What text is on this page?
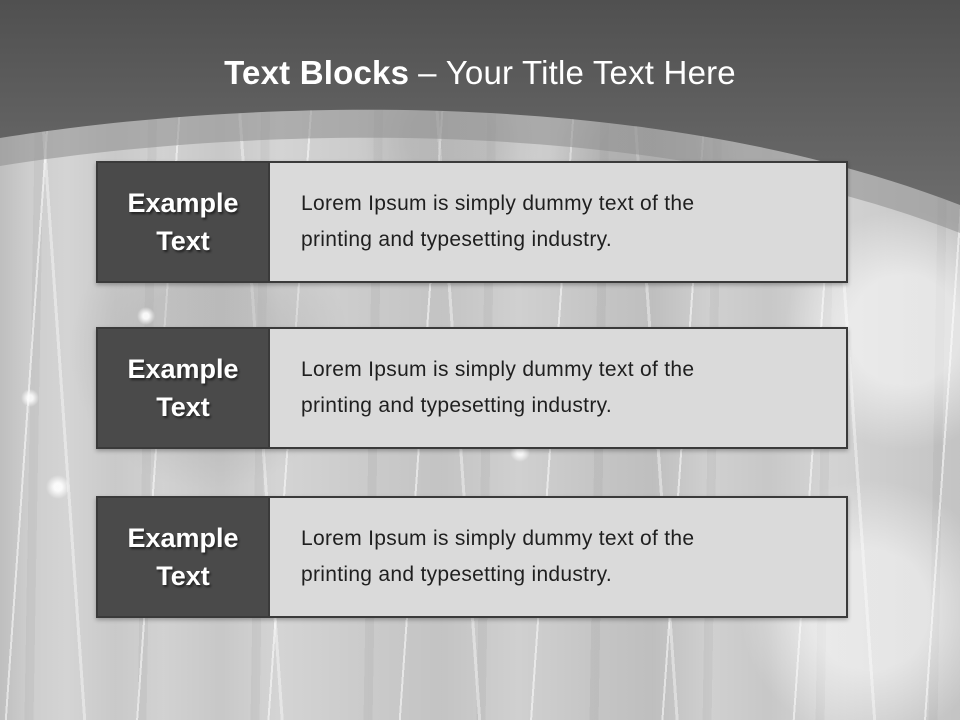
Text Blocks – Your Title Text Here
Example
Text
Lorem Ipsum is simply dummy text of the
printing and typesetting industry.
Example
Text
Lorem Ipsum is simply dummy text of the
printing and typesetting industry.
Example
Text
Lorem Ipsum is simply dummy text of the
printing and typesetting industry.
